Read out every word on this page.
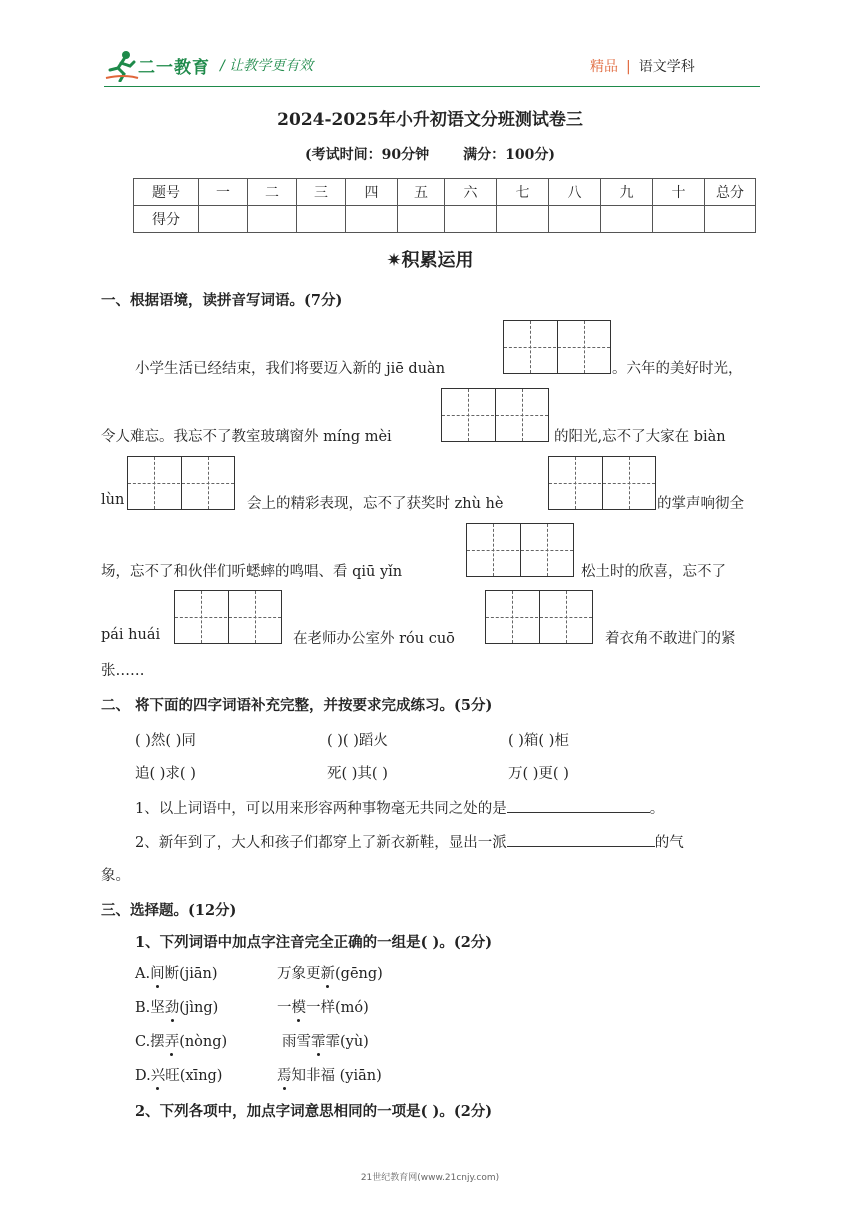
二一教育 / 让教学更有效	精品 | 语文学科
2024-2025年小升初语文分班测试卷三
(考试时间：90分钟 满分：100分)
题号	一	二	三	四	五	六	七	八	九	十	总分
得分											
✷积累运用
一、根据语境，读拼音写词语。(7分)
小学生活已经结束，我们将要迈入新的 jiē duàn	。六年的美好时光，
令人难忘。我忘不了教室玻璃窗外 míng mèi	的阳光,忘不了大家在 biàn
lùn	会上的精彩表现，忘不了获奖时 zhù hè	的掌声响彻全
场，忘不了和伙伴们听蟋蟀的鸣唱、看 qiū yǐn	松土时的欣喜，忘不了
pái huái	在老师办公室外 róu cuō	着衣角不敢进门的紧
张……
二、 将下面的四字词语补充完整，并按要求完成练习。(5分)
( )然( )同	( )( )蹈火	( )箱( )柜
追( )求( )	死( )其( )	万( )更( )
1、以上词语中，可以用来形容两种事物毫无共同之处的是	。
2、新年到了，大人和孩子们都穿上了新衣新鞋，显出一派	的气
象。
三、选择题。(12分)
1、下列词语中加点字注音完全正确的一组是( )。(2分)
A.间断(jiān)	万象更新(gēng)
B.坚劲(jìng)	一模一样(mó)
C.摆弄(nòng)	雨雪霏霏(yù)
D.兴旺(xīng)	焉知非福 (yiān)
2、下列各项中，加点字词意思相同的一项是( )。(2分)
21世纪教育网(www.21cnjy.com)
